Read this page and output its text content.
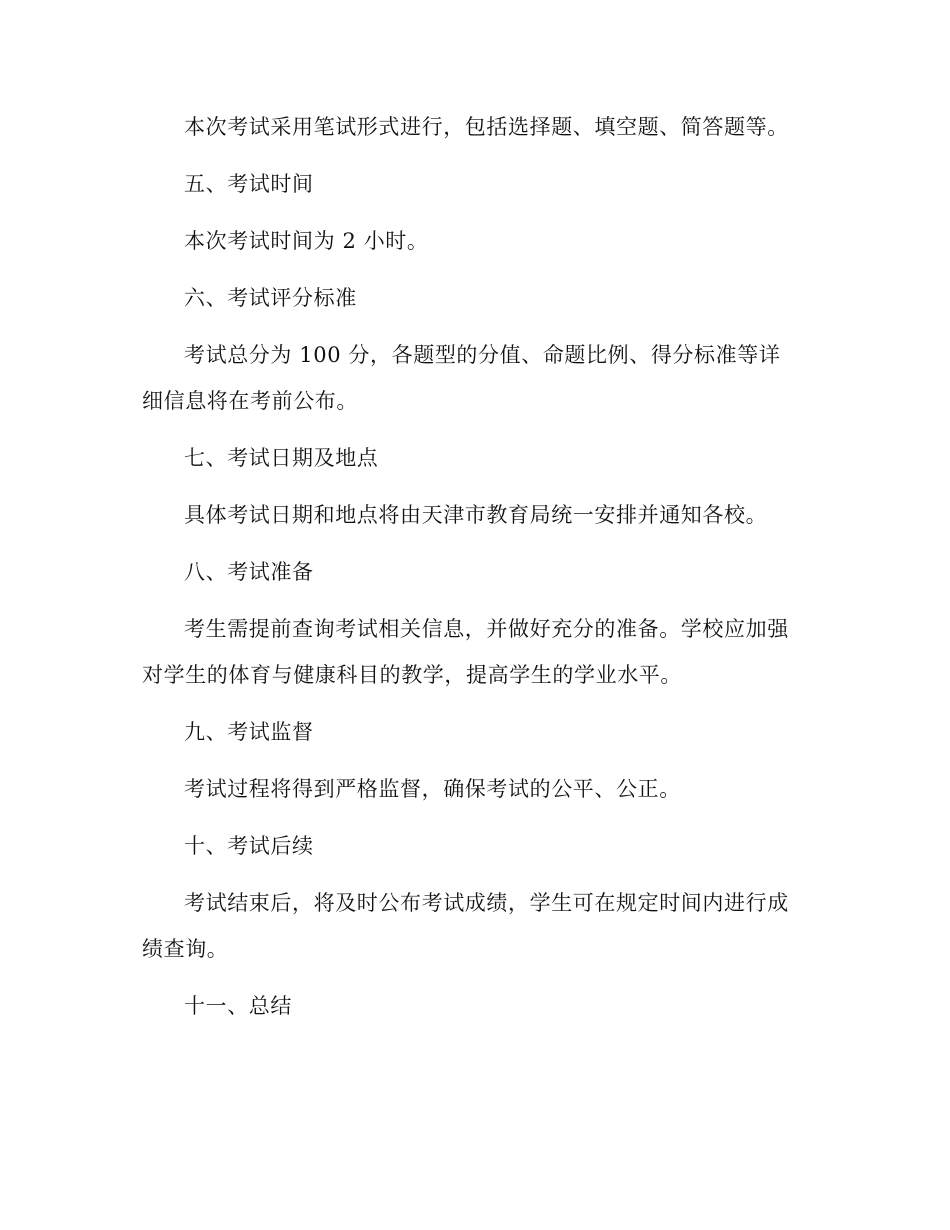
本次考试采用笔试形式进行，包括选择题、填空题、简答题等。

五、考试时间

本次考试时间为 2 小时。

六、考试评分标准

考试总分为 100 分，各题型的分值、命题比例、得分标准等详细信息将在考前公布。

七、考试日期及地点

具体考试日期和地点将由天津市教育局统一安排并通知各校。

八、考试准备

考生需提前查询考试相关信息，并做好充分的准备。学校应加强对学生的体育与健康科目的教学，提高学生的学业水平。

九、考试监督

考试过程将得到严格监督，确保考试的公平、公正。

十、考试后续

考试结束后，将及时公布考试成绩，学生可在规定时间内进行成绩查询。

十一、总结
